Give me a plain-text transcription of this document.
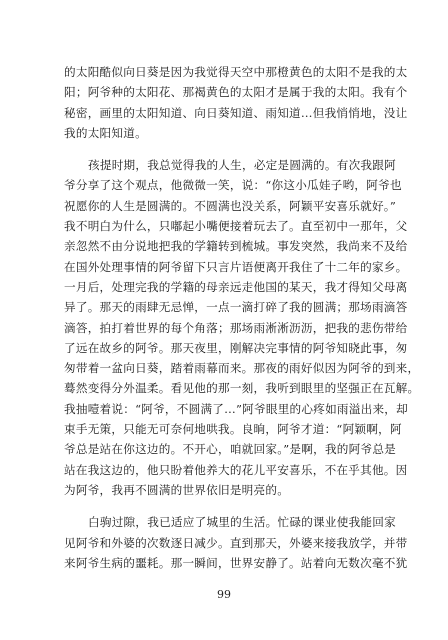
的太阳酷似向日葵是因为我觉得天空中那橙黄色的太阳不是我的太
阳；阿爷种的太阳花、那褐黄色的太阳才是属于我的太阳。我有个
秘密，画里的太阳知道、向日葵知道、雨知道…但我悄悄地，没让
我的太阳知道。
孩提时期，我总觉得我的人生，必定是圆满的。有次我跟阿
爷分享了这个观点，他微微一笑，说：“你这小瓜娃子哟，阿爷也
祝愿你的人生是圆满的。不圆满也没关系，阿颖平安喜乐就好。”
我不明白为什么，只嘟起小嘴便接着玩去了。直至初中一那年，父
亲忽然不由分说地把我的学籍转到梳城。事发突然，我尚来不及给
在国外处理事情的阿爷留下只言片语便离开我住了十二年的家乡。
一月后，处理完我的学籍的母亲远走他国的某天，我才得知父母离
异了。那天的雨肆无忌惮，一点一滴打碎了我的圆满；那场雨滴答
滴答，拍打着世界的每个角落；那场雨淅淅沥沥，把我的悲伤带给
了远在故乡的阿爷。那天夜里，刚解决完事情的阿爷知晓此事，匆
匆带着一盆向日葵，踏着雨幕而来。那夜的雨好似因为阿爷的到来，
蓦然变得分外温柔。看见他的那一刻，我听到眼里的坚强正在瓦解。
我抽噎着说：“阿爷，不圆满了…”阿爷眼里的心疼如雨溢出来，却
束手无策，只能无可奈何地哄我。良晌，阿爷才道：“阿颖啊，阿
爷总是站在你这边的。不开心，咱就回家。”是啊，我的阿爷总是
站在我这边的，他只盼着他养大的花儿平安喜乐，不在乎其他。因
为阿爷，我再不圆满的世界依旧是明亮的。
白驹过隙，我已适应了城里的生活。忙碌的课业使我能回家
见阿爷和外婆的次数逐日减少。直到那天，外婆来接我放学，并带
来阿爷生病的噩耗。那一瞬间，世界安静了。站着向无数次毫不犹
99
